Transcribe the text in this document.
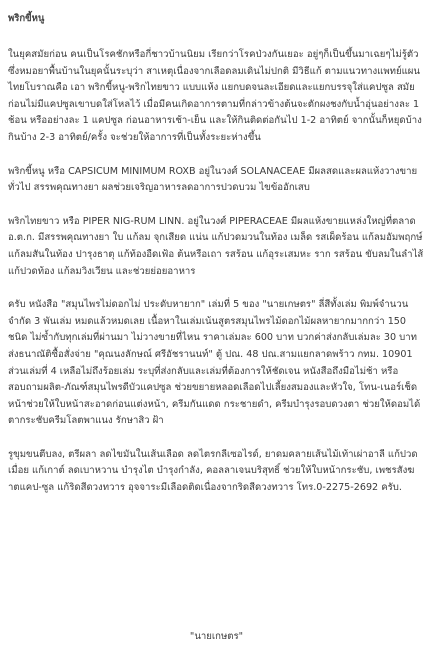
พริกขี้หนู

ในยุคสมัยก่อน คนเป็นโรคชักหรือกี่ชาวบ้านนิยม เรียกว่าโรคป่วงกันเยอะ อยู่ๆก็เป็นขึ้นมาเฉยๆไม่รู้ตัว ซึ่งหมอยาพื้นบ้านในยุคนั้นระบุว่า สาเหตุเนื่องจากเลือดลมเดินไม่ปกติ มีวิธีแก้ ตามแนวทางแพทย์แผนไทยโบราณคือ เอา พริกขี้หนู-พริกไทยขาว แบบแห้ง แยกบดจนละเอียดและแยกบรรจุใส่แคปซูล สมัยก่อนไม่มีแคปซูลเขาบดใส่โหลไว้ เมื่อมีคนเกิดอาการตามที่กล่าวข้างต้นจะตักผงชงกับน้ำอุ่นอย่างละ 1 ช้อน หรืออย่างละ 1 แคปซูล ก่อนอาหารเช้า-เย็น และให้กินติดต่อกันไป 1-2 อาทิตย์ จากนั้นก็หยุดบ้างกินบ้าง 2-3 อาทิตย์/ครั้ง จะช่วยให้อาการที่เป็นทั้งระยะห่างขึ้น

พริกขี้หนู หรือ CAPSICUM MINIMUM ROXB อยู่ในวงศ์ SOLANACEAE มีผลสดและผลแห้งวางขายทั่วไป สรรพคุณทางยา ผลช่วยเจริญอาหารลดอาการปวดบวม ไขข้ออักเสบ

พริกไทยขาว หรือ PIPER NIG-RUM LINN. อยู่ในวงศ์ PIPERACEAE มีผลแห้งขายแหล่งใหญ่ที่ตลาด อ.ต.ก. มีสรรพคุณทางยา ใบ แก้ลม จุกเสียด แน่น แก้ปวดมวนในท้อง เมล็ด รสเผ็ดร้อน แก้ลมอัมพฤกษ์ แก้ลมสันในท้อง ปารุงธาตุ แก้ท้องอืดเฟ้อ ต้นหรือเถา รสร้อน แก้อุระเสมหะ ราก รสร้อน ขับลมในลำไส้ แก้ปวดท้อง แก้ลมวิงเวียน และช่วยย่อยอาหาร

ครับ หนังสือ "สมุนไพรไม่ดอกไม่ ประดับหายาก" เล่มที่ 5 ของ "นายเกษตร" ลี่สีทั้งเล่ม พิมพ์จำนวนจำกัด 3 พันเล่ม หมดแล้วหมดเลย เนื้อหาในเล่มเน้นสูตรสมุนไพรไม้ดอกไม้ผลหายากมากกว่า 150 ชนิด ไม่ซ้ำกับทุกเล่มที่ผ่านมา ไม่วางขายที่ไหน ราคาเล่มละ 600 บาท บวกค่าส่งกลับเล่มละ 30 บาท ส่งธนาณัติซื้อสั่งจ่าย "คุณนงลักษณ์ ศรีอัชรานนท์" ตู้ ปณ. 48 ปณ.สามแยกลาดพร้าว กทม. 10901 ส่วนเล่มที่ 4 เหลือไม่ถึงร้อยเล่ม ระบุที่ส่งกลับและเล่มที่ต้องการให้ชัดเจน หนังสือถึงมือไม่ช้า หรือสอบถามผลิต-ภัณฑ์สมุนไพรดีบัวแคปซูล ช่วยขยายหลอดเลือดไปเลี้ยงสมองและหัวใจ, โทน-เนอร์เช็ดหน้าช่วยให้ใบหน้าสะอาดก่อนแต่งหน้า, ครีมกันแดด กระชายดำ, ครีมบำรุงรอบดวงตา ช่วยให้ดอมได้ ตากระชับครีมโลตพาแนง รักษาสิว ฝ้า

รูขุมขนตีบลง, ตรีผลา ลดไขมันในเส้นเลือด ลดไตรกลีเซอไรด์, ยาดมคลายเส้นไม้เท้าเผ่าอาลี แก้ปวดเมื่อย แก้เกาต์ ลดเบาหวาน บำรุงไต บำรุงกำลัง, คอลลาเจนบริสุทธิ์ ช่วยให้ใบหน้ากระชับ, เพชรสังฆาตแคป-ซูล แก้ริดสีดวงทวาร อุจจาระมีเลือดติดเนื่องจากริดสีดวงทวาร โทร.0-2275-2692 ครับ.

"นายเกษตร"
